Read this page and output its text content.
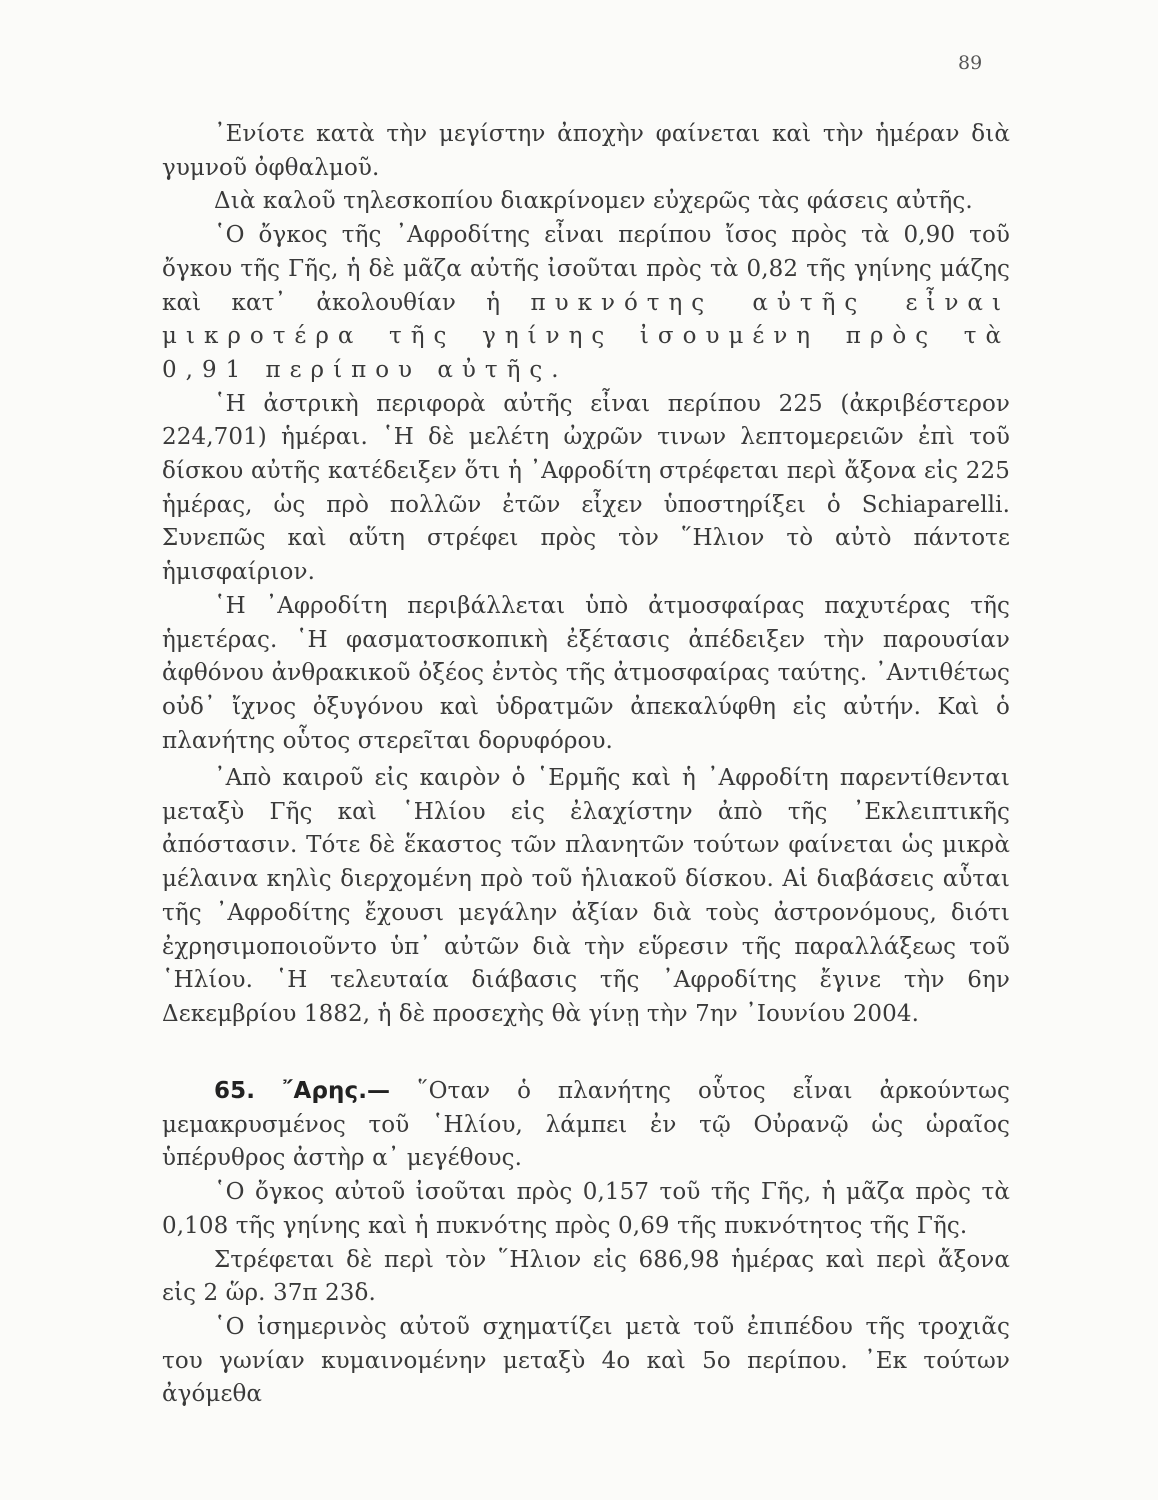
89

᾽Ενίοτε κατὰ τὴν μεγίστην ἀποχὴν φαίνεται καὶ τὴν ἡμέραν διὰ γυμνοῦ ὀφθαλμοῦ.

Διὰ καλοῦ τηλεσκοπίου διακρίνομεν εὐχερῶς τὰς φάσεις αὐτῆς.

῾Ο ὄγκος τῆς ᾽Αφροδίτης εἶναι περίπου ἴσος πρὸς τὰ 0,90 τοῦ ὄγκου τῆς Γῆς, ἡ δὲ μᾶζα αὐτῆς ἰσοῦται πρὸς τὰ 0,82 τῆς γηίνης μάζης καὶ κατ᾽ ἀκολουθίαν ἡ πυκνότης αὐτῆς εἶναι μικροτέρα τῆς γηίνης ἰσουμένη πρὸς τὰ 0,91 περίπου αὐτῆς.

῾Η ἀστρικὴ περιφορὰ αὐτῆς εἶναι περίπου 225 (ἀκριβέστερον 224,701) ἡμέραι. ῾Η δὲ μελέτη ὠχρῶν τινων λεπτομερειῶν ἐπὶ τοῦ δίσκου αὐτῆς κατέδειξεν ὅτι ἡ ᾽Αφροδίτη στρέφεται περὶ ἄξονα εἰς 225 ἡμέρας, ὡς πρὸ πολλῶν ἐτῶν εἶχεν ὑποστηρίξει ὁ Schiaparelli. Συνεπῶς καὶ αὕτη στρέφει πρὸς τὸν ῞Ηλιον τὸ αὐτὸ πάντοτε ἡμισφαίριον.

῾Η ᾽Αφροδίτη περιβάλλεται ὑπὸ ἀτμοσφαίρας παχυτέρας τῆς ἡμετέρας. ῾Η φασματοσκοπικὴ ἐξέτασις ἀπέδειξεν τὴν παρουσίαν ἀφθόνου ἀνθρακικοῦ ὀξέος ἐντὸς τῆς ἀτμοσφαίρας ταύτης. ᾽Αντιθέτως οὐδ᾽ ἴχνος ὀξυγόνου καὶ ὑδρατμῶν ἀπεκαλύφθη εἰς αὐτήν. Καὶ ὁ πλανήτης οὗτος στερεῖται δορυφόρου.

᾽Απὸ καιροῦ εἰς καιρὸν ὁ ῾Ερμῆς καὶ ἡ ᾽Αφροδίτη παρεντίθενται μεταξὺ Γῆς καὶ ῾Ηλίου εἰς ἐλαχίστην ἀπὸ τῆς ᾽Εκλειπτικῆς ἀπόστασιν. Τότε δὲ ἕκαστος τῶν πλανητῶν τούτων φαίνεται ὡς μικρὰ μέλαινα κηλὶς διερχομένη πρὸ τοῦ ἡλιακοῦ δίσκου. Αἱ διαβάσεις αὗται τῆς ᾽Αφροδίτης ἔχουσι μεγάλην ἀξίαν διὰ τοὺς ἀστρονόμους, διότι ἐχρησιμοποιοῦντο ὑπ᾽ αὐτῶν διὰ τὴν εὕρεσιν τῆς παραλλάξεως τοῦ ῾Ηλίου. ῾Η τελευταία διάβασις τῆς ᾽Αφροδίτης ἔγινε τὴν 6ην Δεκεμβρίου 1882, ἡ δὲ προσεχὴς θὰ γίνῃ τὴν 7ην ᾽Ιουνίου 2004.

65. ῎Αρης.— ῞Οταν ὁ πλανήτης οὗτος εἶναι ἀρκούντως μεμακρυσμένος τοῦ ῾Ηλίου, λάμπει ἐν τῷ Οὐρανῷ ὡς ὡραῖος ὑπέρυθρος ἀστὴρ α᾽ μεγέθους.

῾Ο ὄγκος αὐτοῦ ἰσοῦται πρὸς 0,157 τοῦ τῆς Γῆς, ἡ μᾶζα πρὸς τὰ 0,108 τῆς γηίνης καὶ ἡ πυκνότης πρὸς 0,69 τῆς πυκνότητος τῆς Γῆς.

Στρέφεται δὲ περὶ τὸν ῞Ηλιον εἰς 686,98 ἡμέρας καὶ περὶ ἄξονα εἰς 2 ὥρ. 37π 23δ.

῾Ο ἰσημερινὸς αὐτοῦ σχηματίζει μετὰ τοῦ ἐπιπέδου τῆς τροχιᾶς του γωνίαν κυμαινομένην μεταξὺ 4ο καὶ 5ο περίπου. ᾽Εκ τούτων ἀγόμεθα
